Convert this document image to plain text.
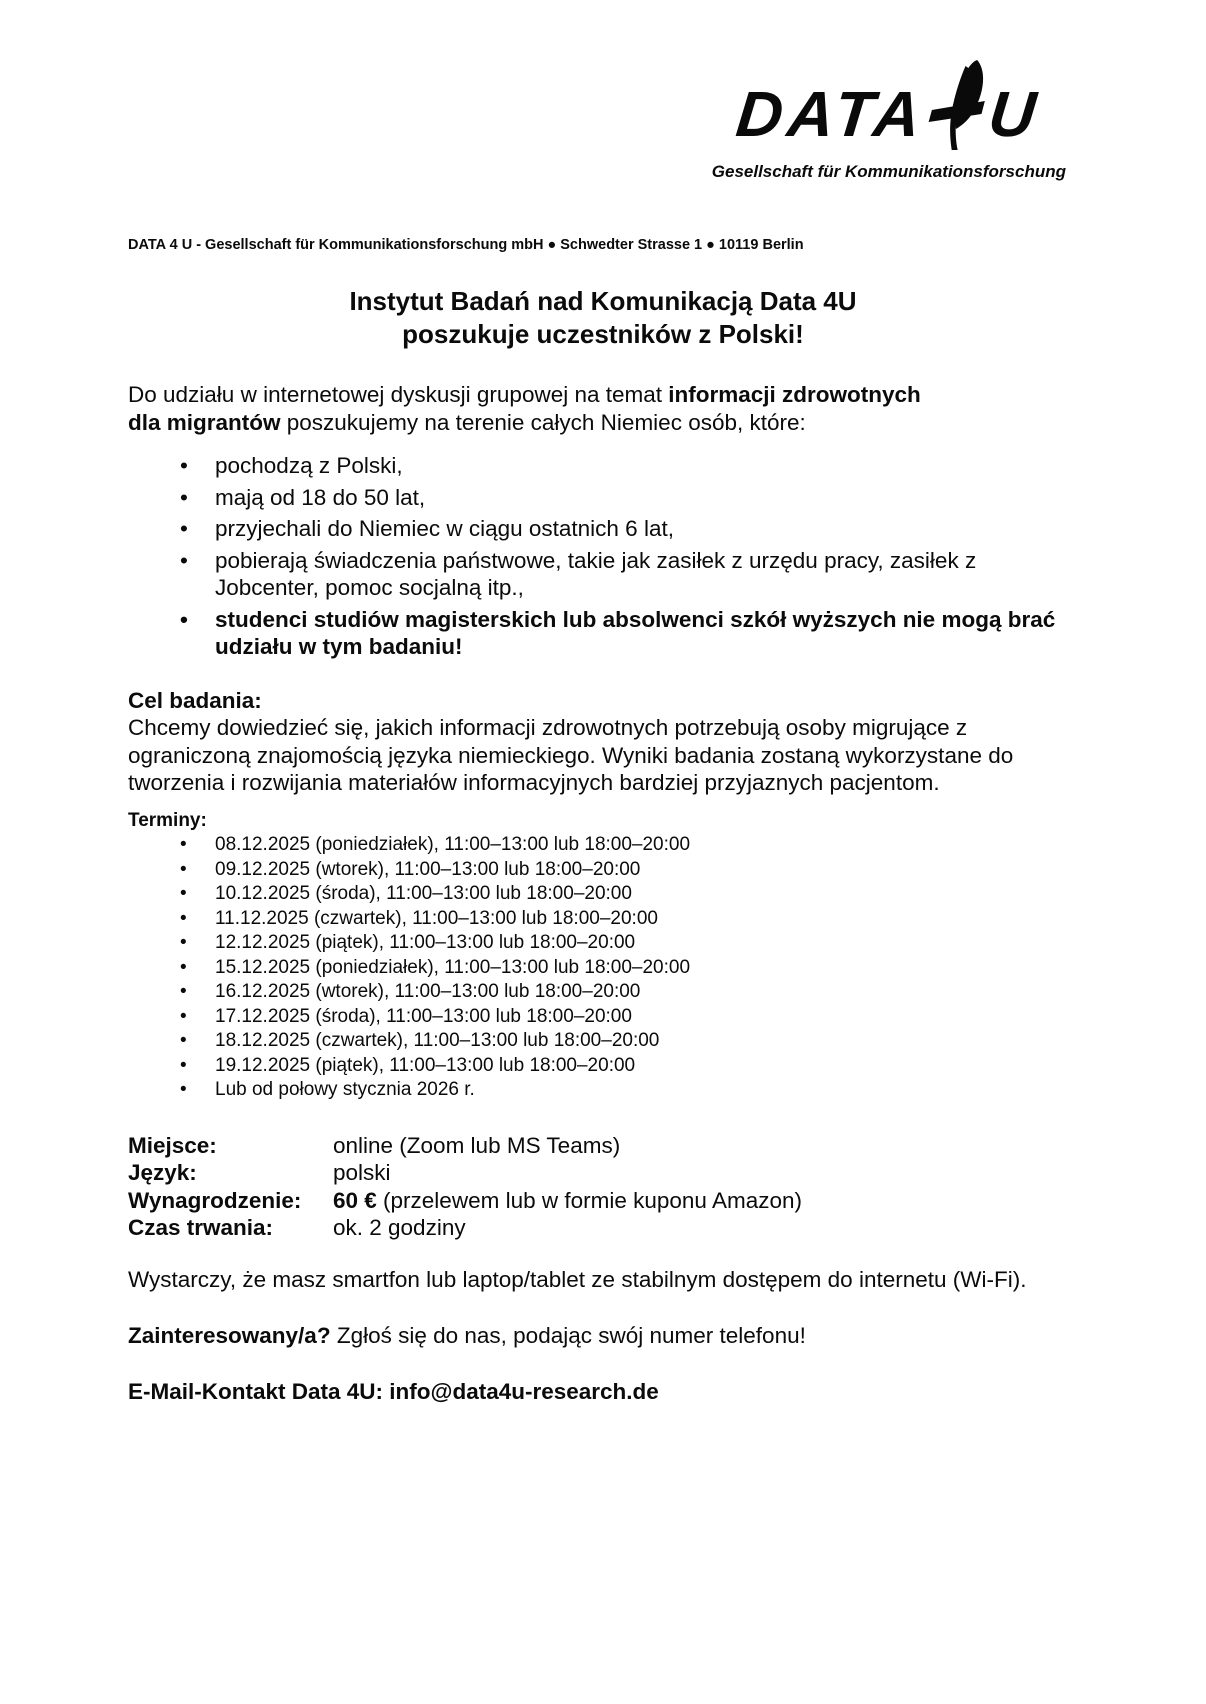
DATA U
Gesellschaft für Kommunikationsforschung
DATA 4 U - Gesellschaft für Kommunikationsforschung mbH ● Schwedter Strasse 1 ● 10119 Berlin
Instytut Badań nad Komunikacją Data 4U
poszukuje uczestników z Polski!

Do udziału w internetowej dyskusji grupowej na temat informacji zdrowotnych
dla migrantów poszukujemy na terenie całych Niemiec osób, które:

•	pochodzą z Polski,
•	mają od 18 do 50 lat,
•	przyjechali do Niemiec w ciągu ostatnich 6 lat,
•	pobierają świadczenia państwowe, takie jak zasiłek z urzędu pracy, zasiłek z Jobcenter, pomoc socjalną itp.,
•	studenci studiów magisterskich lub absolwenci szkół wyższych nie mogą brać udziału w tym badaniu!

Cel badania:

Chcemy dowiedzieć się, jakich informacji zdrowotnych potrzebują osoby migrujące z ograniczoną znajomością języka niemieckiego. Wyniki badania zostaną wykorzystane do tworzenia i rozwijania materiałów informacyjnych bardziej przyjaznych pacjentom.

Terminy:

•	08.12.2025 (poniedziałek), 11:00–13:00 lub 18:00–20:00
•	09.12.2025 (wtorek), 11:00–13:00 lub 18:00–20:00
•	10.12.2025 (środa), 11:00–13:00 lub 18:00–20:00
•	11.12.2025 (czwartek), 11:00–13:00 lub 18:00–20:00
•	12.12.2025 (piątek), 11:00–13:00 lub 18:00–20:00
•	15.12.2025 (poniedziałek), 11:00–13:00 lub 18:00–20:00
•	16.12.2025 (wtorek), 11:00–13:00 lub 18:00–20:00
•	17.12.2025 (środa), 11:00–13:00 lub 18:00–20:00
•	18.12.2025 (czwartek), 11:00–13:00 lub 18:00–20:00
•	19.12.2025 (piątek), 11:00–13:00 lub 18:00–20:00
•	Lub od połowy stycznia 2026 r.
Miejsce:	online (Zoom lub MS Teams)
Język:	polski
Wynagrodzenie:	60 € (przelewem lub w formie kuponu Amazon)
Czas trwania:	ok. 2 godziny

Wystarczy, że masz smartfon lub laptop/tablet ze stabilnym dostępem do internetu (Wi-Fi).

Zainteresowany/a? Zgłoś się do nas, podając swój numer telefonu!

E-Mail-Kontakt Data 4U: info@data4u-research.de
